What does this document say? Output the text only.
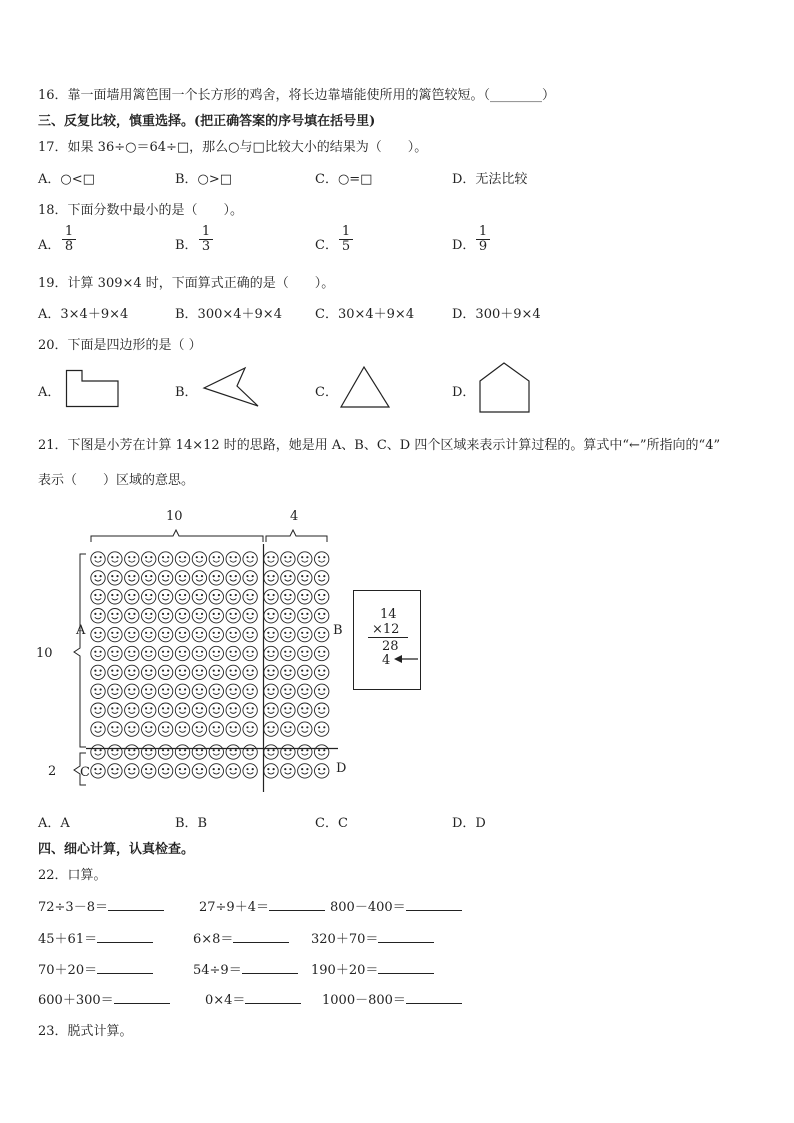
16．靠一面墙用篱笆围一个长方形的鸡舍，将长边靠墙能使所用的篱笆较短。（________）
三、反复比较，慎重选择。(把正确答案的序号填在括号里)
17．如果 36÷○＝64÷□，那么○与□比较大小的结果为（　　）。
A．○<□	B．○>□	C．○=□	D．无法比较
18．下面分数中最小的是（　　）。
A． $\frac{1}{8}$	B． $\frac{1}{3}$	C． $\frac{1}{5}$	D． $\frac{1}{9}$
19．计算 309×4 时，下面算式正确的是（　　）。
A．3×4＋9×4	B．300×4＋9×4	C．30×4＋9×4	D．300＋9×4
20．下面是四边形的是（ ）
A．	B．	C．	D．
21．下图是小芳在计算 14×12 时的思路，她是用 A、B、C、D 四个区域来表示计算过程的。算式中“←”所指向的“4”
表示（　　）区域的意思。
10	4
10
2
A	B
C	D
14
×12
28
4
A．A	B．B	C．C	D．D
四、细心计算，认真检查。
22．口算。
72÷3－8＝	27÷9＋4＝	800－400＝
45＋61＝	6×8＝	320＋70＝
70＋20＝	54÷9＝	190＋20＝
600＋300＝	0×4＝	1000－800＝
23．脱式计算。
